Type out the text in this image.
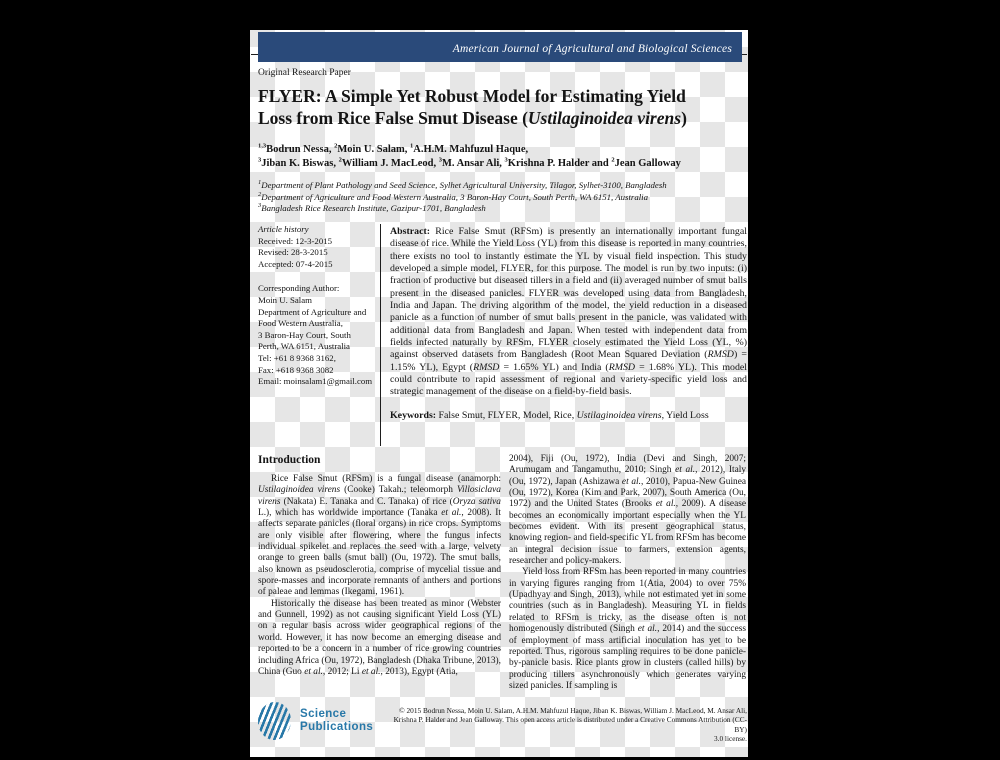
American Journal of Agricultural and Biological Sciences
Original Research Paper
FLYER: A Simple Yet Robust Model for Estimating Yield
Loss from Rice False Smut Disease (Ustilaginoidea virens)
$^{1,3}$Bodrun Nessa, $^2$Moin U. Salam, $^1$A.H.M. Mahfuzul Haque,
$^3$Jiban K. Biswas, $^2$William J. MacLeod, $^3$M. Ansar Ali, $^3$Krishna P. Halder and $^2$Jean Galloway
$^1$Department of Plant Pathology and Seed Science, Sylhet Agricultural University, Tilagor, Sylhet-3100, Bangladesh
$^2$Department of Agriculture and Food Western Australia, 3 Baron-Hay Court, South Perth, WA 6151, Australia
$^3$Bangladesh Rice Research Institute, Gazipur-1701, Bangladesh
Article history
Received: 12-3-2015
Revised: 28-3-2015
Accepted: 07-4-2015
Corresponding Author:
Moin U. Salam
Department of Agriculture and
Food Western Australia,
3 Baron-Hay Court, South
Perth, WA 6151, Australia
Tel: +61 8 9368 3162,
Fax: +618 9368 3082
Email: moinsalam1@gmail.com
Abstract: Rice False Smut (RFSm) is presently an internationally important fungal disease of rice. While the Yield Loss (YL) from this disease is reported in many countries, there exists no tool to instantly estimate the YL by visual field inspection. This study developed a simple model, FLYER, for this purpose. The model is run by two inputs: (i) fraction of productive but diseased tillers in a field and (ii) averaged number of smut balls present in the diseased panicles. FLYER was developed using data from Bangladesh, India and Japan. The driving algorithm of the model, the yield reduction in a diseased panicle as a function of number of smut balls present in the panicle, was validated with additional data from Bangladesh and Japan. When tested with independent data from fields infected naturally by RFSm, FLYER closely estimated the Yield Loss (YL, %) against observed datasets from Bangladesh (Root Mean Squared Deviation (RMSD) = 1.15% YL), Egypt (RMSD = 1.65% YL) and India (RMSD = 1.68% YL). This model could contribute to rapid assessment of regional and variety-specific yield loss and strategic management of the disease on a field-by-field basis.
Keywords: False Smut, FLYER, Model, Rice, Ustilaginoidea virens, Yield Loss
Introduction

Rice False Smut (RFSm) is a fungal disease (anamorph: Ustilaginoidea virens (Cooke) Takah.; teleomorph Villosiclava virens (Nakata) E. Tanaka and C. Tanaka) of rice (Oryza sativa L.), which has worldwide importance (Tanaka et al., 2008). It affects separate panicles (floral organs) in rice crops. Symptoms are only visible after flowering, where the fungus infects individual spikelet and replaces the seed with a large, velvety orange to green balls (smut ball) (Ou, 1972). The smut balls, also known as pseudosclerotia, comprise of mycelial tissue and spore-masses and incorporate remnants of anthers and portions of paleae and lemmas (Ikegami, 1961).

Historically the disease has been treated as minor (Webster and Gunnell, 1992) as not causing significant Yield Loss (YL) on a regular basis across wider geographical regions of the world. However, it has now become an emerging disease and reported to be a concern in a number of rice growing countries including Africa (Ou, 1972), Bangladesh (Dhaka Tribune, 2013), China (Guo et al., 2012; Li et al., 2013), Egypt (Atia,

2004), Fiji (Ou, 1972), India (Devi and Singh, 2007; Arumugam and Tangamuthu, 2010; Singh et al., 2012), Italy (Ou, 1972), Japan (Ashizawa et al., 2010), Papua-New Guinea (Ou, 1972), Korea (Kim and Park, 2007), South America (Ou, 1972) and the United States (Brooks et al., 2009). A disease becomes an economically important especially when the YL becomes evident. With its present geographical status, knowing region- and field-specific YL from RFSm has become an integral decision issue to farmers, extension agents, researcher and policy-makers.

Yield loss from RFSm has been reported in many countries in varying figures ranging from 1(Atia, 2004) to over 75% (Upadhyay and Singh, 2013), while not estimated yet in some countries (such as in Bangladesh). Measuring YL in fields related to RFSm is tricky, as the disease often is not homogenously distributed (Singh et al., 2014) and the success of employment of mass artificial inoculation has yet to be reported. Thus, rigorous sampling requires to be done panicle-by-panicle basis. Rice plants grow in clusters (called hills) by producing tillers asynchronously which generates varying sized panicles. If sampling is

Science
Publications
© 2015 Bodrun Nessa, Moin U. Salam, A.H.M. Mahfuzul Haque, Jiban K. Biswas, William J. MacLeod, M. Ansar Ali,
Krishna P. Halder and Jean Galloway. This open access article is distributed under a Creative Commons Attribution (CC-BY)
3.0 license.
